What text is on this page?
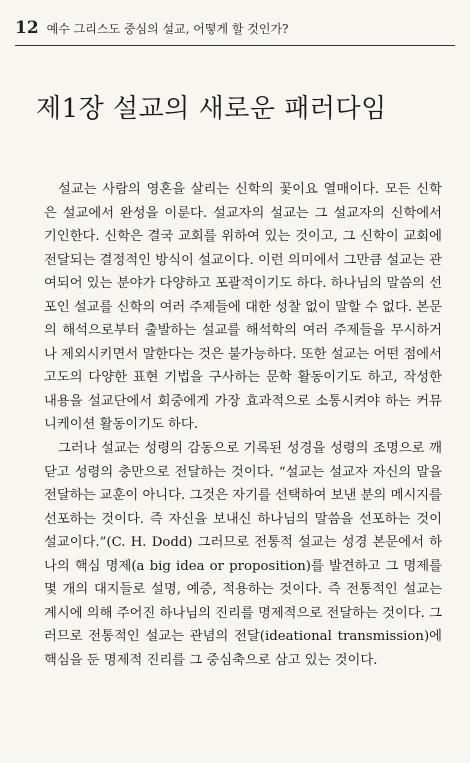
12 예수 그리스도 중심의 설교, 어떻게 할 것인가?
제1장 설교의 새로운 패러다임

설교는 사람의 영혼을 살리는 신학의 꽃이요 열매이다. 모든 신학은 설교에서 완성을 이룬다. 설교자의 설교는 그 설교자의 신학에서 기인한다. 신학은 결국 교회를 위하여 있는 것이고, 그 신학이 교회에 전달되는 결정적인 방식이 설교이다. 이런 의미에서 그만큼 설교는 관여되어 있는 분야가 다양하고 포괄적이기도 하다. 하나님의 말씀의 선포인 설교를 신학의 여러 주제들에 대한 성찰 없이 말할 수 없다. 본문의 해석으로부터 출발하는 설교를 해석학의 여러 주제들을 무시하거나 제외시키면서 말한다는 것은 불가능하다. 또한 설교는 어떤 점에서 고도의 다양한 표현 기법을 구사하는 문학 활동이기도 하고, 작성한 내용을 설교단에서 회중에게 가장 효과적으로 소통시켜야 하는 커뮤니케이션 활동이기도 하다.

그러나 설교는 성령의 감동으로 기록된 성경을 성령의 조명으로 깨닫고 성령의 충만으로 전달하는 것이다. “설교는 설교자 자신의 말을 전달하는 교훈이 아니다. 그것은 자기를 선택하여 보낸 분의 메시지를 선포하는 것이다. 즉 자신을 보내신 하나님의 말씀을 선포하는 것이 설교이다.”(C. H. Dodd) 그러므로 전통적 설교는 성경 본문에서 하나의 핵심 명제(a big idea or proposition)를 발견하고 그 명제를 몇 개의 대지들로 설명, 예증, 적용하는 것이다. 즉 전통적인 설교는 계시에 의해 주어진 하나님의 진리를 명제적으로 전달하는 것이다. 그러므로 전통적인 설교는 관념의 전달(ideational transmission)에 핵심을 둔 명제적 진리를 그 중심축으로 삼고 있는 것이다.
